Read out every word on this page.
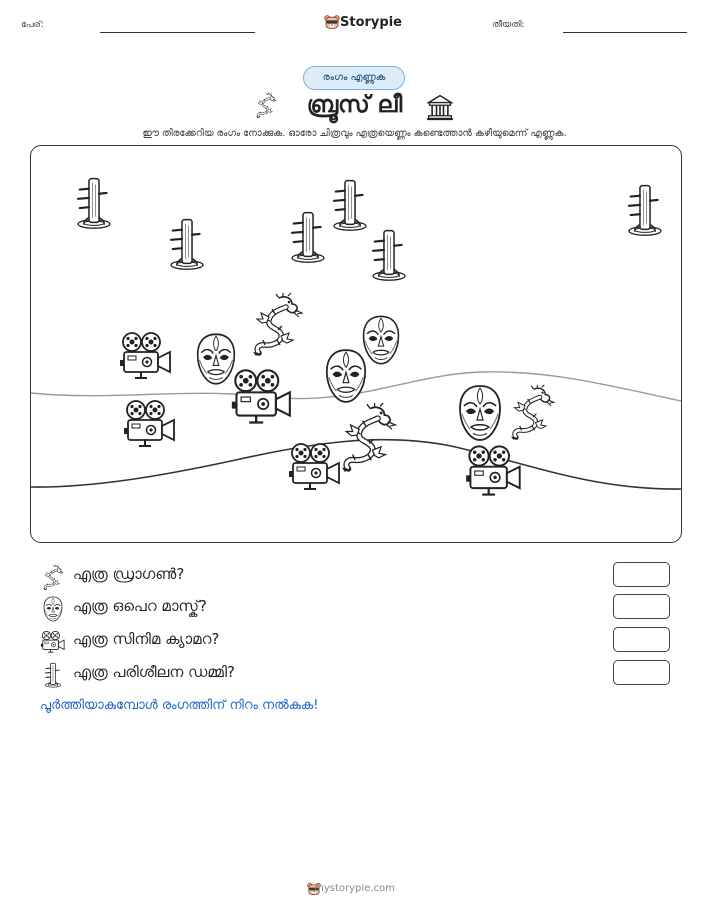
പേര്:	Storypie	തീയതി:
രംഗം എണ്ണുക
ബ്രൂസ് ലീ
ഈ തിരക്കേറിയ രംഗം നോക്കുക. ഓരോ ചിത്രവും എത്രയെണ്ണം കണ്ടെത്താൻ കഴിയുമെന്ന് എണ്ണുക.
എത്ര ഡ്രാഗൺ?
എത്ര ഒപെറ മാസ്ക്?
എത്ര സിനിമ ക്യാമറ?
എത്ര പരിശീലന ഡമ്മി?
പൂർത്തിയാകുമ്പോൾ രംഗത്തിന് നിറം നൽകുക!
mystorypie.com
